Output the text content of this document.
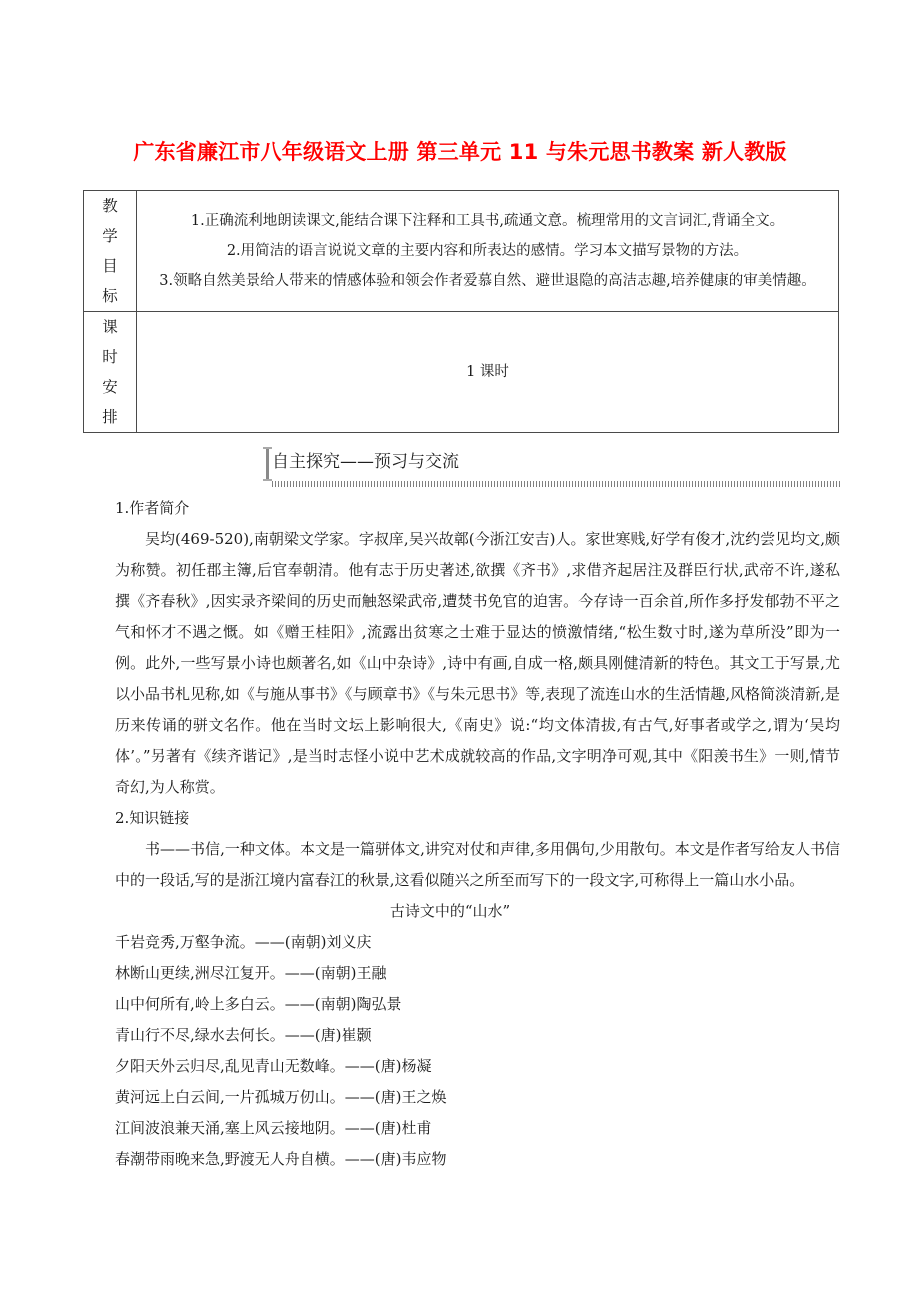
广东省廉江市八年级语文上册 第三单元 11 与朱元思书教案 新人教版
教
学
目
标	1.正确流利地朗读课文,能结合课下注释和工具书,疏通文意。梳理常用的文言词汇,背诵全文。
2.用简洁的语言说说文章的主要内容和所表达的感情。学习本文描写景物的方法。
3.领略自然美景给人带来的情感体验和领会作者爱慕自然、避世退隐的高洁志趣,培养健康的审美情趣。

课
时
安
排	1 课时
自主探究——预习与交流

1.作者简介

吴均(469-520),南朝梁文学家。字叔庠,吴兴故鄣(今浙江安吉)人。家世寒贱,好学有俊才,沈约尝见均文,颇为称赞。初任郡主簿,后官奉朝清。他有志于历史著述,欲撰《齐书》,求借齐起居注及群臣行状,武帝不许,遂私撰《齐春秋》,因实录齐梁间的历史而触怒梁武帝,遭焚书免官的迫害。今存诗一百余首,所作多抒发郁勃不平之气和怀才不遇之慨。如《赠王桂阳》,流露出贫寒之士难于显达的愤激情绪,“松生数寸时,遂为草所没”即为一例。此外,一些写景小诗也颇著名,如《山中杂诗》,诗中有画,自成一格,颇具刚健清新的特色。其文工于写景,尤以小品书札见称,如《与施从事书》《与顾章书》《与朱元思书》等,表现了流连山水的生活情趣,风格简淡清新,是历来传诵的骈文名作。他在当时文坛上影响很大,《南史》说:“均文体清拔,有古气,好事者或学之,谓为‘吴均体’。”另著有《续齐谐记》,是当时志怪小说中艺术成就较高的作品,文字明净可观,其中《阳羡书生》一则,情节奇幻,为人称赏。

2.知识链接

书——书信,一种文体。本文是一篇骈体文,讲究对仗和声律,多用偶句,少用散句。本文是作者写给友人书信中的一段话,写的是浙江境内富春江的秋景,这看似随兴之所至而写下的一段文字,可称得上一篇山水小品。

古诗文中的“山水”

千岩竞秀,万壑争流。——(南朝)刘义庆

林断山更续,洲尽江复开。——(南朝)王融

山中何所有,岭上多白云。——(南朝)陶弘景

青山行不尽,绿水去何长。——(唐)崔颢

夕阳天外云归尽,乱见青山无数峰。——(唐)杨凝

黄河远上白云间,一片孤城万仞山。——(唐)王之焕

江间波浪兼天涌,塞上风云接地阴。——(唐)杜甫

春潮带雨晚来急,野渡无人舟自横。——(唐)韦应物
